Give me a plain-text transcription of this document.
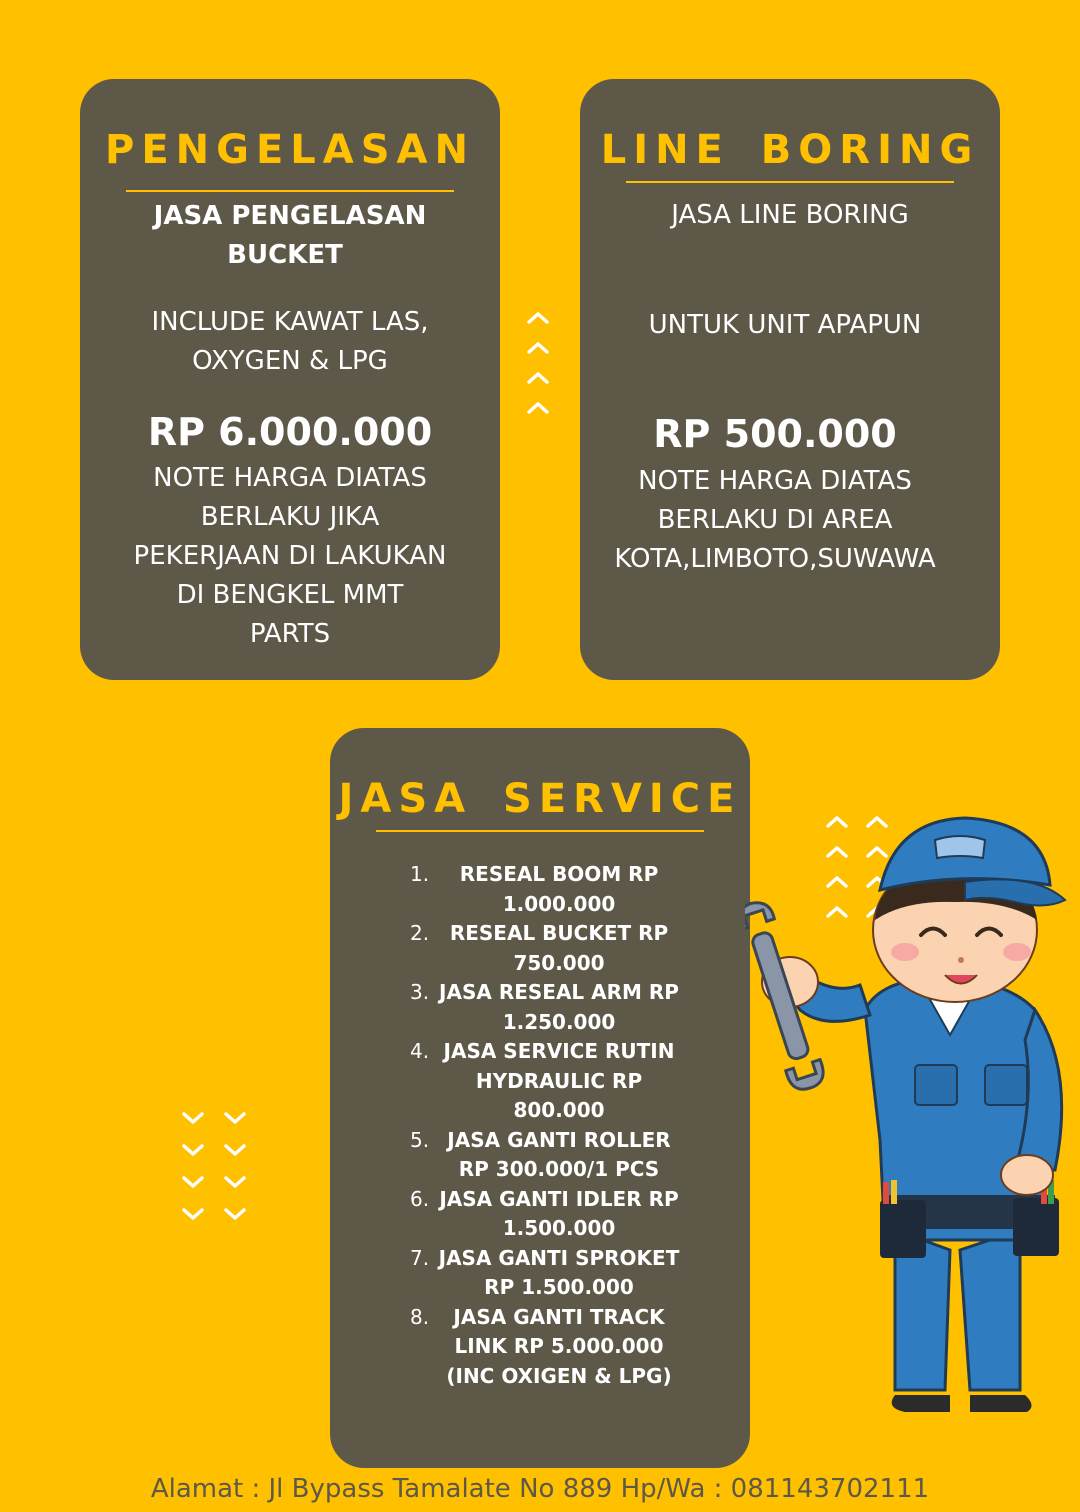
PENGELASAN
JASA PENGELASAN
BUCKET
INCLUDE KAWAT LAS,
OXYGEN & LPG
RP 6.000.000
NOTE HARGA DIATAS
BERLAKU JIKA
PEKERJAAN DI LAKUKAN
DI BENGKEL MMT
PARTS
LINE BORING
JASA LINE BORING
UNTUK UNIT APAPUN
RP 500.000
NOTE HARGA DIATAS
BERLAKU DI AREA
KOTA,LIMBOTO,SUWAWA
JASA SERVICE
1.	RESEAL BOOM RP
1.000.000
2.	RESEAL BUCKET RP
750.000
3. JASA RESEAL ARM RP
1.250.000
4. JASA SERVICE RUTIN
HYDRAULIC RP
800.000
5. JASA GANTI ROLLER
RP 300.000/1 PCS
6. JASA GANTI IDLER RP
1.500.000
7. JASA GANTI SPROKET
RP 1.500.000
8.	JASA GANTI TRACK
LINK RP 5.000.000
(INC OXIGEN & LPG)
Alamat : Jl Bypass Tamalate No 889 Hp/Wa : 081143702111
